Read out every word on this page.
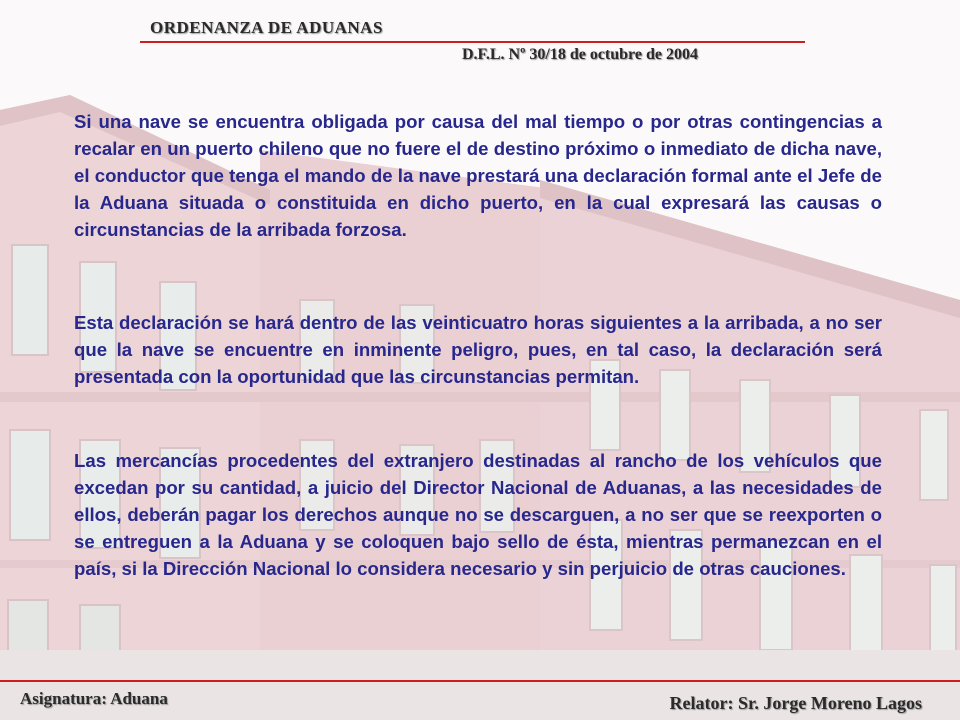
ORDENANZA DE ADUANAS
D.F.L. Nº 30/18 de octubre de 2004

Si una nave se encuentra obligada por causa del mal tiempo o por otras contingencias a recalar en un puerto chileno que no fuere el de destino próximo o inmediato de dicha nave, el conductor que tenga el mando de la nave prestará una declaración formal ante el Jefe de la Aduana situada o constituida en dicho puerto, en la cual expresará las causas o circunstancias de la arribada forzosa.

Esta declaración se hará dentro de las veinticuatro horas siguientes a la arribada, a no ser que la nave se encuentre en inminente peligro, pues, en tal caso, la declaración será presentada con la oportunidad que las circunstancias permitan.

Las mercancías procedentes del extranjero destinadas al rancho de los vehículos que excedan por su cantidad, a juicio del Director Nacional de Aduanas, a las necesidades de ellos, deberán pagar los derechos aunque no se descarguen, a no ser que se reexporten o se entreguen a la Aduana y se coloquen bajo sello de ésta, mientras permanezcan en el país, si la Dirección Nacional lo considera necesario y sin perjuicio de otras cauciones.

Asignatura: Aduana	Relator: Sr. Jorge Moreno Lagos
